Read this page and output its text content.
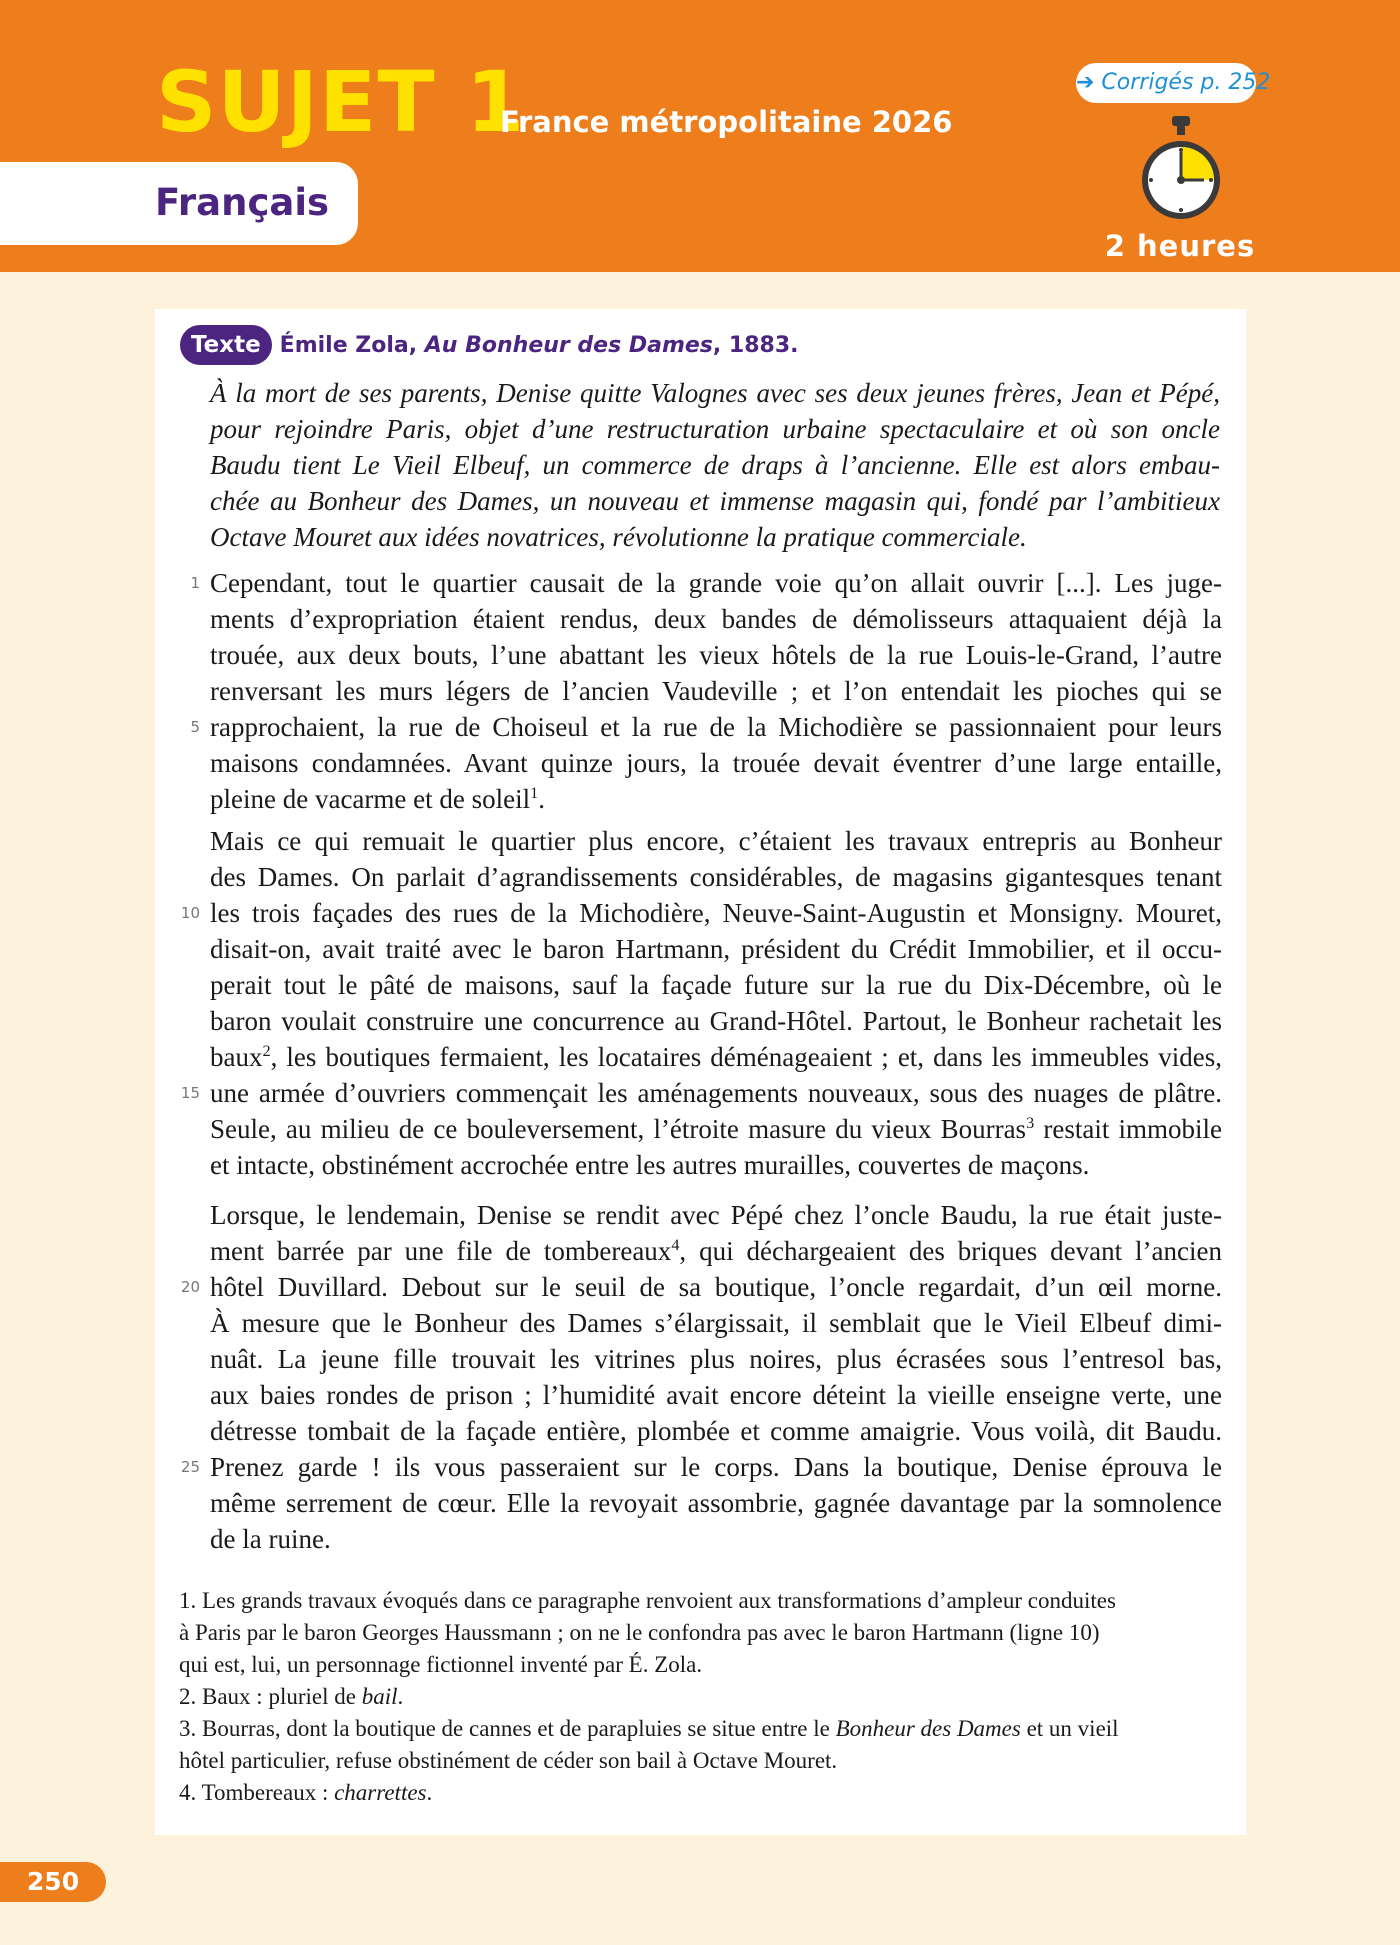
SUJET 1
France métropolitaine 2026
Français
➔ Corrigés p. 252
2 heures
Texte Émile Zola, Au Bonheur des Dames, 1883.

À la mort de ses parents, Denise quitte Valognes avec ses deux jeunes frères, Jean et Pépé,
pour rejoindre Paris, objet d’une restructuration urbaine spectaculaire et où son oncle
Baudu tient Le Vieil Elbeuf, un commerce de draps à l’ancienne. Elle est alors embau-
chée au Bonheur des Dames, un nouveau et immense magasin qui, fondé par l’ambitieux
Octave Mouret aux idées novatrices, révolutionne la pratique commerciale.

1
5
Cependant, tout le quartier causait de la grande voie qu’on allait ouvrir [...]. Les juge-
ments d’expropriation étaient rendus, deux bandes de démolisseurs attaquaient déjà la
trouée, aux deux bouts, l’une abattant les vieux hôtels de la rue Louis-le-Grand, l’autre
renversant les murs légers de l’ancien Vaudeville ; et l’on entendait les pioches qui se
rapprochaient, la rue de Choiseul et la rue de la Michodière se passionnaient pour leurs
maisons condamnées. Avant quinze jours, la trouée devait éventrer d’une large entaille,
pleine de vacarme et de soleil$^1$.

10
15
Mais ce qui remuait le quartier plus encore, c’étaient les travaux entrepris au Bonheur
des Dames. On parlait d’agrandissements considérables, de magasins gigantesques tenant
les trois façades des rues de la Michodière, Neuve-Saint-Augustin et Monsigny. Mouret,
disait-on, avait traité avec le baron Hartmann, président du Crédit Immobilier, et il occu-
perait tout le pâté de maisons, sauf la façade future sur la rue du Dix-Décembre, où le
baron voulait construire une concurrence au Grand-Hôtel. Partout, le Bonheur rachetait les
baux$^2$, les boutiques fermaient, les locataires déménageaient ; et, dans les immeubles vides,
une armée d’ouvriers commençait les aménagements nouveaux, sous des nuages de plâtre.
Seule, au milieu de ce bouleversement, l’étroite masure du vieux Bourras$^3$ restait immobile
et intacte, obstinément accrochée entre les autres murailles, couvertes de maçons.

20
25
Lorsque, le lendemain, Denise se rendit avec Pépé chez l’oncle Baudu, la rue était juste-
ment barrée par une file de tombereaux$^4$, qui déchargeaient des briques devant l’ancien
hôtel Duvillard. Debout sur le seuil de sa boutique, l’oncle regardait, d’un œil morne.
À mesure que le Bonheur des Dames s’élargissait, il semblait que le Vieil Elbeuf dimi-
nuât. La jeune fille trouvait les vitrines plus noires, plus écrasées sous l’entresol bas,
aux baies rondes de prison ; l’humidité avait encore déteint la vieille enseigne verte, une
détresse tombait de la façade entière, plombée et comme amaigrie. Vous voilà, dit Baudu.
Prenez garde ! ils vous passeraient sur le corps. Dans la boutique, Denise éprouva le
même serrement de cœur. Elle la revoyait assombrie, gagnée davantage par la somnolence
de la ruine.

1. Les grands travaux évoqués dans ce paragraphe renvoient aux transformations d’ampleur conduites
à Paris par le baron Georges Haussmann ; on ne le confondra pas avec le baron Hartmann (ligne 10)
qui est, lui, un personnage fictionnel inventé par É. Zola.
2. Baux : pluriel de bail.
3. Bourras, dont la boutique de cannes et de parapluies se situe entre le Bonheur des Dames et un vieil
hôtel particulier, refuse obstinément de céder son bail à Octave Mouret.
4. Tombereaux : charrettes.
250
